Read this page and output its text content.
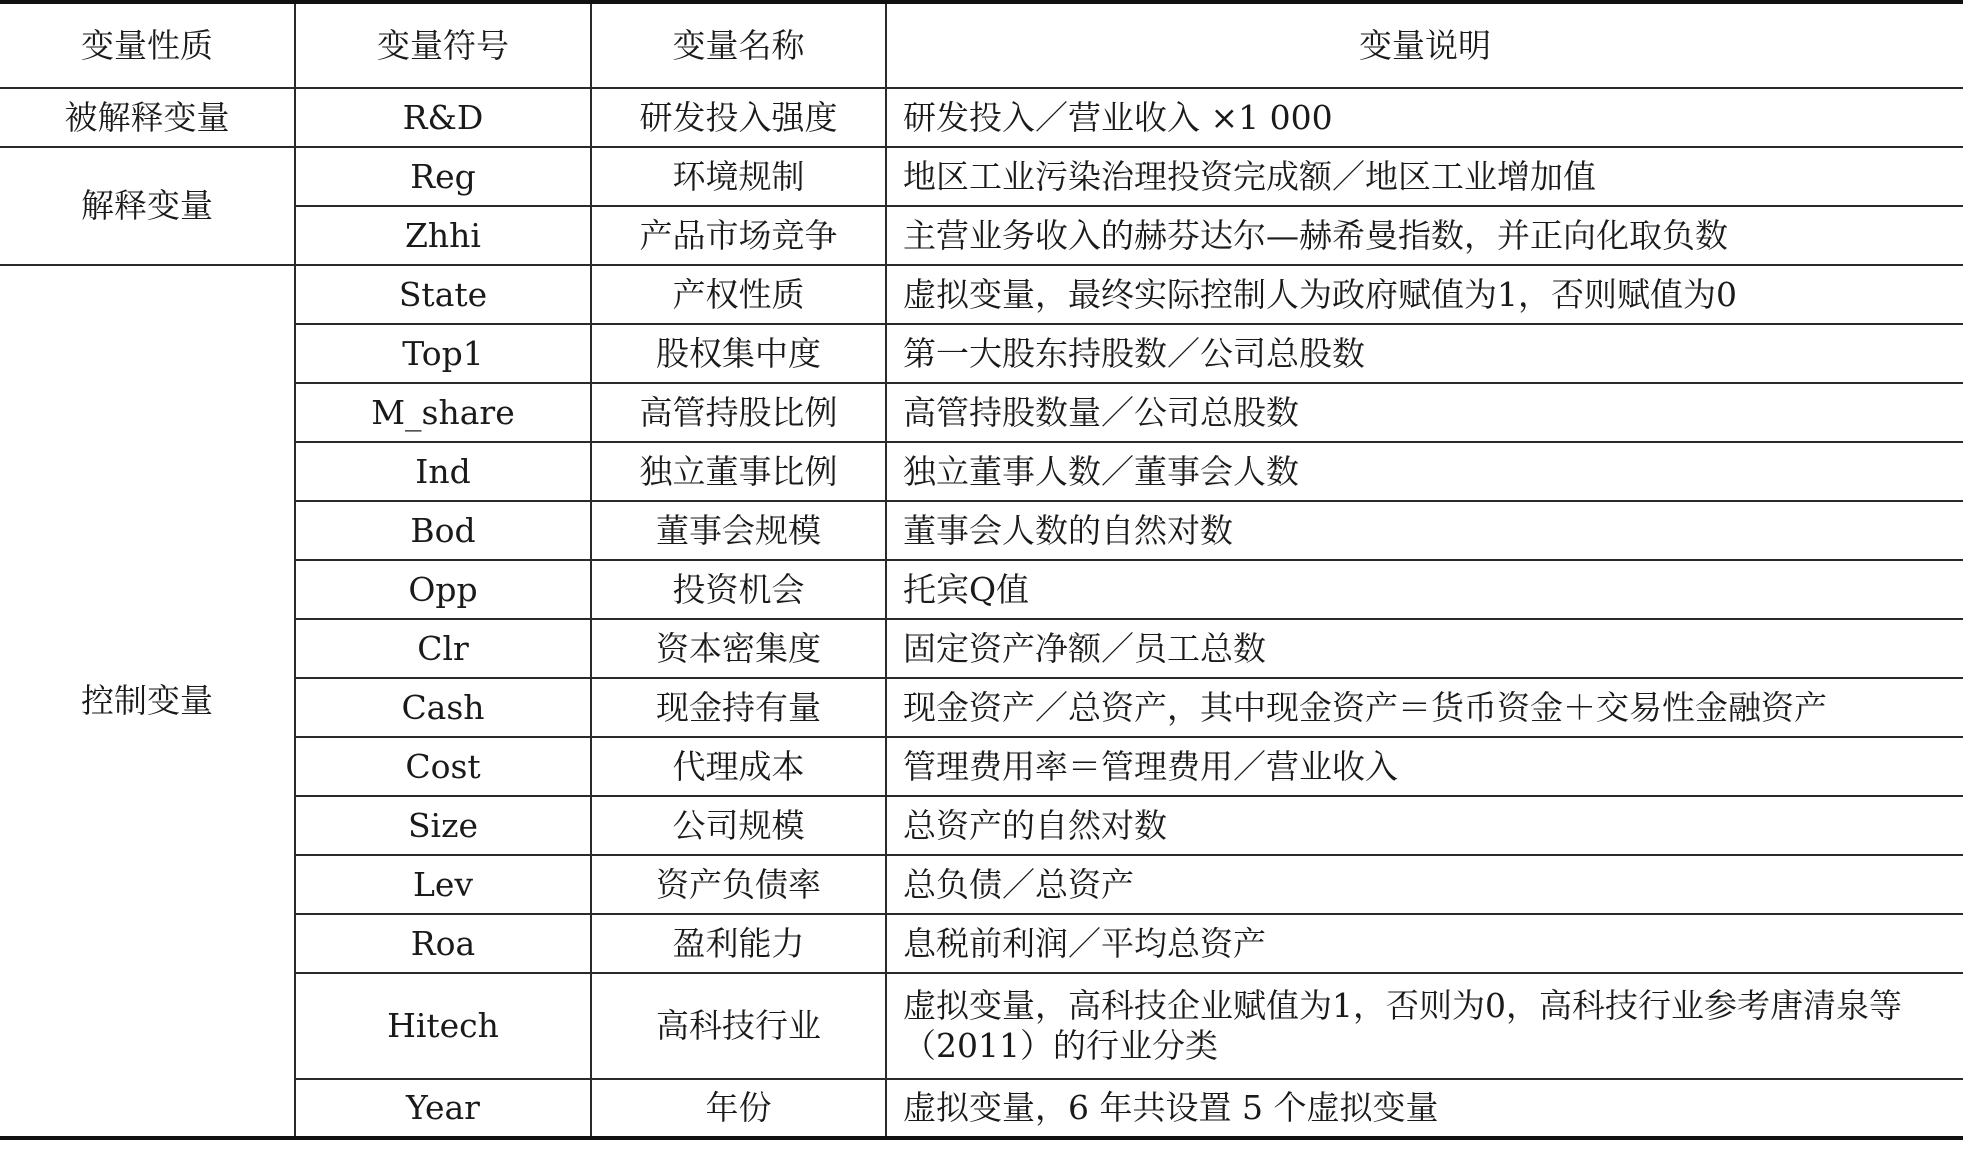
变量性质	变量符号	变量名称	变量说明
被解释变量	R&D	研发投入强度	研发投入／营业收入 ×1 000
解释变量	Reg	环境规制	地区工业污染治理投资完成额／地区工业增加值
	Zhhi	产品市场竞争	主营业务收入的赫芬达尔—赫希曼指数，并正向化取负数
控制变量	State	产权性质	虚拟变量，最终实际控制人为政府赋值为1，否则赋值为0
	Top1	股权集中度	第一大股东持股数／公司总股数
	M_share	高管持股比例	高管持股数量／公司总股数
	Ind	独立董事比例	独立董事人数／董事会人数
	Bod	董事会规模	董事会人数的自然对数
	Opp	投资机会	托宾Q值
	Clr	资本密集度	固定资产净额／员工总数
	Cash	现金持有量	现金资产／总资产，其中现金资产＝货币资金＋交易性金融资产
	Cost	代理成本	管理费用率＝管理费用／营业收入
	Size	公司规模	总资产的自然对数
	Lev	资产负债率	总负债／总资产
	Roa	盈利能力	息税前利润／平均总资产
	Hitech	高科技行业	虚拟变量，高科技企业赋值为1，否则为0，高科技行业参考唐清泉等（2011）的行业分类
	Year	年份	虚拟变量，6 年共设置 5 个虚拟变量
